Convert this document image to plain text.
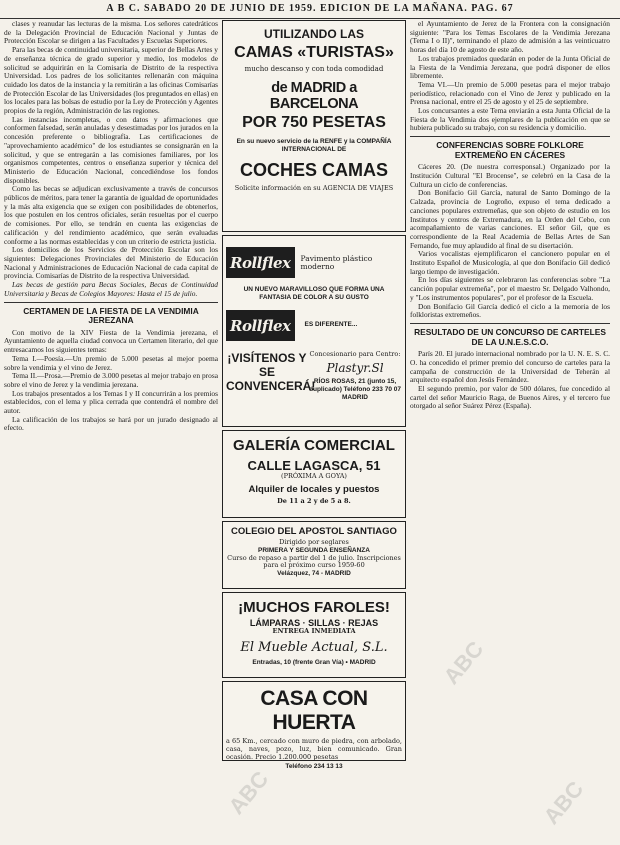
A B C. SABADO 20 DE JUNIO DE 1959. EDICION DE LA MAÑANA. PAG. 67

clases y reanudar las lecturas de la misma. Los señores catedráticos de la Delegación Provincial de Educación Nacional y Juntas de Protección Escolar se dirigen a las Facultades y Escuelas Superiores.

Para las becas de continuidad universitaria, superior de Bellas Artes y de enseñanza técnica de grado superior y medio, los modelos de solicitud se adquirirán en la Comisaría de Distrito de la respectiva Universidad. Los padres de los solicitantes rellenarán con máquina cuidado los datos de la instancia y la remitirán a las oficinas Comisarías de Protección Escolar de las Universidades (los preguntados en ellas) en los locales para las bolsas de estudio por la Ley de Protección y Agentes propios de la región, Administración de las regiones.

Las instancias incompletas, o con datos y afirmaciones que conformen falsedad, serán anuladas y desestimadas por los jurados en la concesión preferente o bibliografía. Las certificaciones de "aprovechamiento académico" de los estudiantes se consignarán en la solicitud, y que se entregarán a las comisiones familiares, por los organismos competentes, centros o enseñanza superior y técnica del Ministerio de Educación Nacional, concediéndose los fondos disponibles.

Como las becas se adjudican exclusivamente a través de concursos públicos de méritos, para tener la garantía de igualdad de oportunidades y la más alta exigencia que se exigen con posibilidades de obtenerlos, los que postulen en los centros oficiales, serán resueltas por el cuerpo de comisiones. Por ello, se tendrán en cuenta las exigencias de calificación y del rendimiento académico, que serán evaluadas conforme a las normas establecidas y con un criterio de estricta justicia.

Los domicilios de los Servicios de Protección Escolar son los siguientes: Delegaciones Provinciales del Ministerio de Educación Nacional y Administraciones de Educación Nacional de cada capital de provincia. Comisarías de Distrito de la respectiva Universidad.

Las becas de gestión para Becas Sociales, Becas de Continuidad Universitaria y Becas de Colegios Mayores: Hasta el 15 de julio.

CERTAMEN DE LA FIESTA DE LA VENDIMIA JEREZANA

Con motivo de la XIV Fiesta de la Vendimia jerezana, el Ayuntamiento de aquella ciudad convoca un Certamen literario, del que entresacamos los siguientes temas:

Tema I.—Poesía.—Un premio de 5.000 pesetas al mejor poema sobre la vendimia y el vino de Jerez.

Tema II.—Prosa.—Premio de 3.000 pesetas al mejor trabajo en prosa sobre el vino de Jerez y la vendimia jerezana.

Los trabajos presentados a los Temas I y II concurrirán a los premios establecidos, con el lema y plica cerrada que contendrá el nombre del autor.

La calificación de los trabajos se hará por un jurado designado al efecto.

UTILIZANDO LAS
CAMAS «TURISTAS»
mucho descanso y con toda comodidad
de MADRID a BARCELONA
POR 750 PESETAS
En su nuevo servicio de la RENFE y la COMPAÑÍA INTERNACIONAL DE
COCHES CAMAS
Solicite información en su AGENCIA DE VIAJES
Rollflex	Pavimento plástico moderno
UN NUEVO MARAVILLOSO QUE FORMA UNA FANTASIA DE COLOR A SU GUSTO
Rollflex	ES DIFERENTE...
¡VISÍTENOS Y SE CONVENCERÁ!
Concesionario para Centro:
Plastyr.Sl
RÍOS ROSAS, 21 (junto 15, duplicado) Teléfono 233 70 07 MADRID
GALERÍA COMERCIAL
CALLE LAGASCA, 51
(PRÓXIMA A GOYA)
Alquiler de locales y puestos
De 11 a 2 y de 5 a 8.
COLEGIO DEL APOSTOL SANTIAGO
Dirigido por seglares
PRIMERA Y SEGUNDA ENSEÑANZA
Curso de repaso a partir del 1 de julio. Inscripciones para el próximo curso 1959-60
Velázquez, 74 - MADRID
¡MUCHOS FAROLES!
LÁMPARAS · SILLAS · REJAS
ENTREGA INMEDIATA
El Mueble Actual, S.L.
Entradas, 10 (frente Gran Vía) • MADRID
CASA CON HUERTA
a 65 Km., cercado con muro de piedra, con arbolado, casa, naves, pozo, luz, bien comunicado. Gran ocasión. Precio 1.200.000 pesetas
Teléfono 234 13 13

el Ayuntamiento de Jerez de la Frontera con la consignación siguiente: "Para los Temas Escolares de la Vendimia Jerezana (Tema I o II)", terminando el plazo de admisión a las veinticuatro horas del día 10 de agosto de este año.

Los trabajos premiados quedarán en poder de la Junta Oficial de la Fiesta de la Vendimia Jerezana, que podrá disponer de ellos libremente.

Tema VI.—Un premio de 5.000 pesetas para el mejor trabajo periodístico, relacionado con el Vino de Jerez y publicado en la Prensa nacional, entre el 25 de agosto y el 25 de septiembre.

Los concursantes a este Tema enviarán a esta Junta Oficial de la Fiesta de la Vendimia dos ejemplares de la publicación en que se hubiera publicado su trabajo, con su residencia y domicilio.

CONFERENCIAS SOBRE FOLKLORE EXTREMEÑO EN CÁCERES

Cáceres 20. (De nuestra corresponsal.) Organizado por la Institución Cultural "El Brocense", se celebró en la Casa de la Cultura un ciclo de conferencias.

Don Bonifacio Gil García, natural de Santo Domingo de la Calzada, provincia de Logroño, expuso el tema dedicado a canciones populares extremeñas, que son objeto de estudio en los Institutos y centros de Extremadura, en la Orden del Cebo, con acompañamiento de varias canciones. El señor Gil, que es correspondiente de la Real Academia de Bellas Artes de San Fernando, fue muy aplaudido al final de su disertación.

Varios vocalistas ejemplificaron el cancionero popular en el Instituto Español de Musicología, al que don Bonifacio Gil dedicó largo tiempo de investigación.

En los días siguientes se celebraron las conferencias sobre "La canción popular extremeña", por el maestro Sr. Delgado Valhondo, y "Los instrumentos populares", por el profesor de la Escuela.

Don Bonifacio Gil García dedicó el ciclo a la memoria de los folkloristas extremeños.

RESULTADO DE UN CONCURSO DE CARTELES DE LA U.N.E.S.C.O.

París 20. El jurado internacional nombrado por la U. N. E. S. C. O. ha concedido el primer premio del concurso de carteles para la campaña de construcción de la Universidad de Teherán al arquitecto español don Jesús Fernández.

El segundo premio, por valor de 500 dólares, fue concedido al cartel del señor Mauricio Raga, de Buenos Aires, y el tercero fue otorgado al señor Suárez Pérez (España).

ABC
ABC	ABC
